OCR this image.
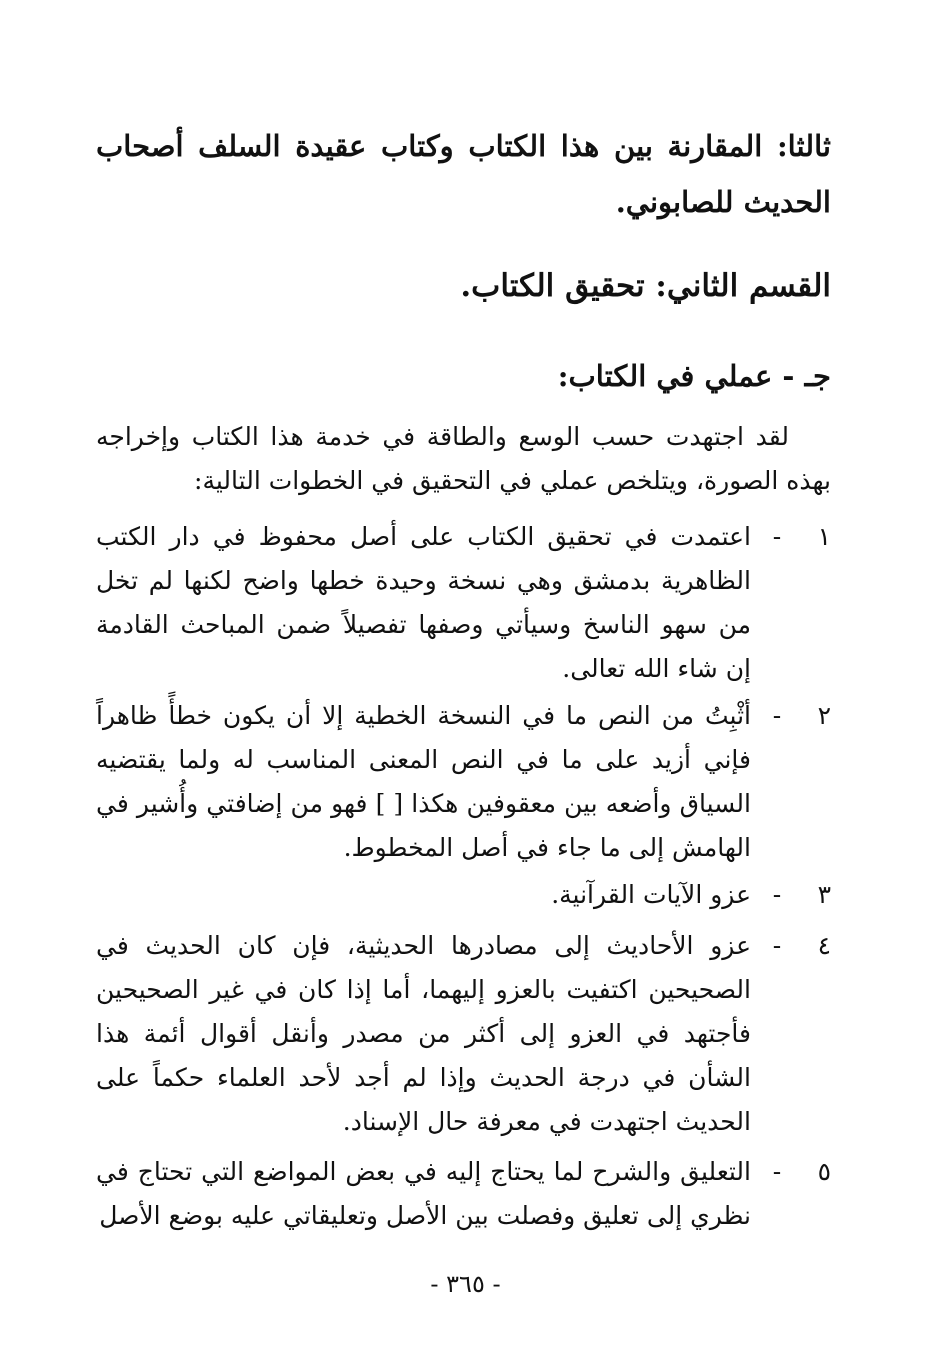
ثالثا: المقارنة بين هذا الكتاب وكتاب عقيدة السلف أصحاب الحديث للصابوني.
القسم الثاني: تحقيق الكتاب.
جـ - عملي في الكتاب:
لقد اجتهدت حسب الوسع والطاقة في خدمة هذا الكتاب وإخراجه بهذه الصورة، ويتلخص عملي في التحقيق في الخطوات التالية:
١
-
اعتمدت في تحقيق الكتاب على أصل محفوظ في دار الكتب الظاهرية بدمشق وهي نسخة وحيدة خطها واضح لكنها لم تخل من سهو الناسخ وسيأتي وصفها تفصيلاً ضمن المباحث القادمة إن شاء الله تعالى.
٢
-
أثْبِتُ من النص ما في النسخة الخطية إلا أن يكون خطأً ظاهراً فإني أزيد على ما في النص المعنى المناسب له ولما يقتضيه السياق وأضعه بين معقوفين هكذا [ ] فهو من إضافتي وأُشير في الهامش إلى ما جاء في أصل المخطوط.
٣
-
عزو الآيات القرآنية.
٤
-
عزو الأحاديث إلى مصادرها الحديثية، فإن كان الحديث في الصحيحين اكتفيت بالعزو إليهما، أما إذا كان في غير الصحيحين فأجتهد في العزو إلى أكثر من مصدر وأنقل أقوال أئمة هذا الشأن في درجة الحديث وإذا لم أجد لأحد العلماء حكماً على الحديث اجتهدت في معرفة حال الإسناد.
٥
-
التعليق والشرح لما يحتاج إليه في بعض المواضع التي تحتاج في نظري إلى تعليق وفصلت بين الأصل وتعليقاتي عليه بوضع الأصل
- ٣٦٥ -
